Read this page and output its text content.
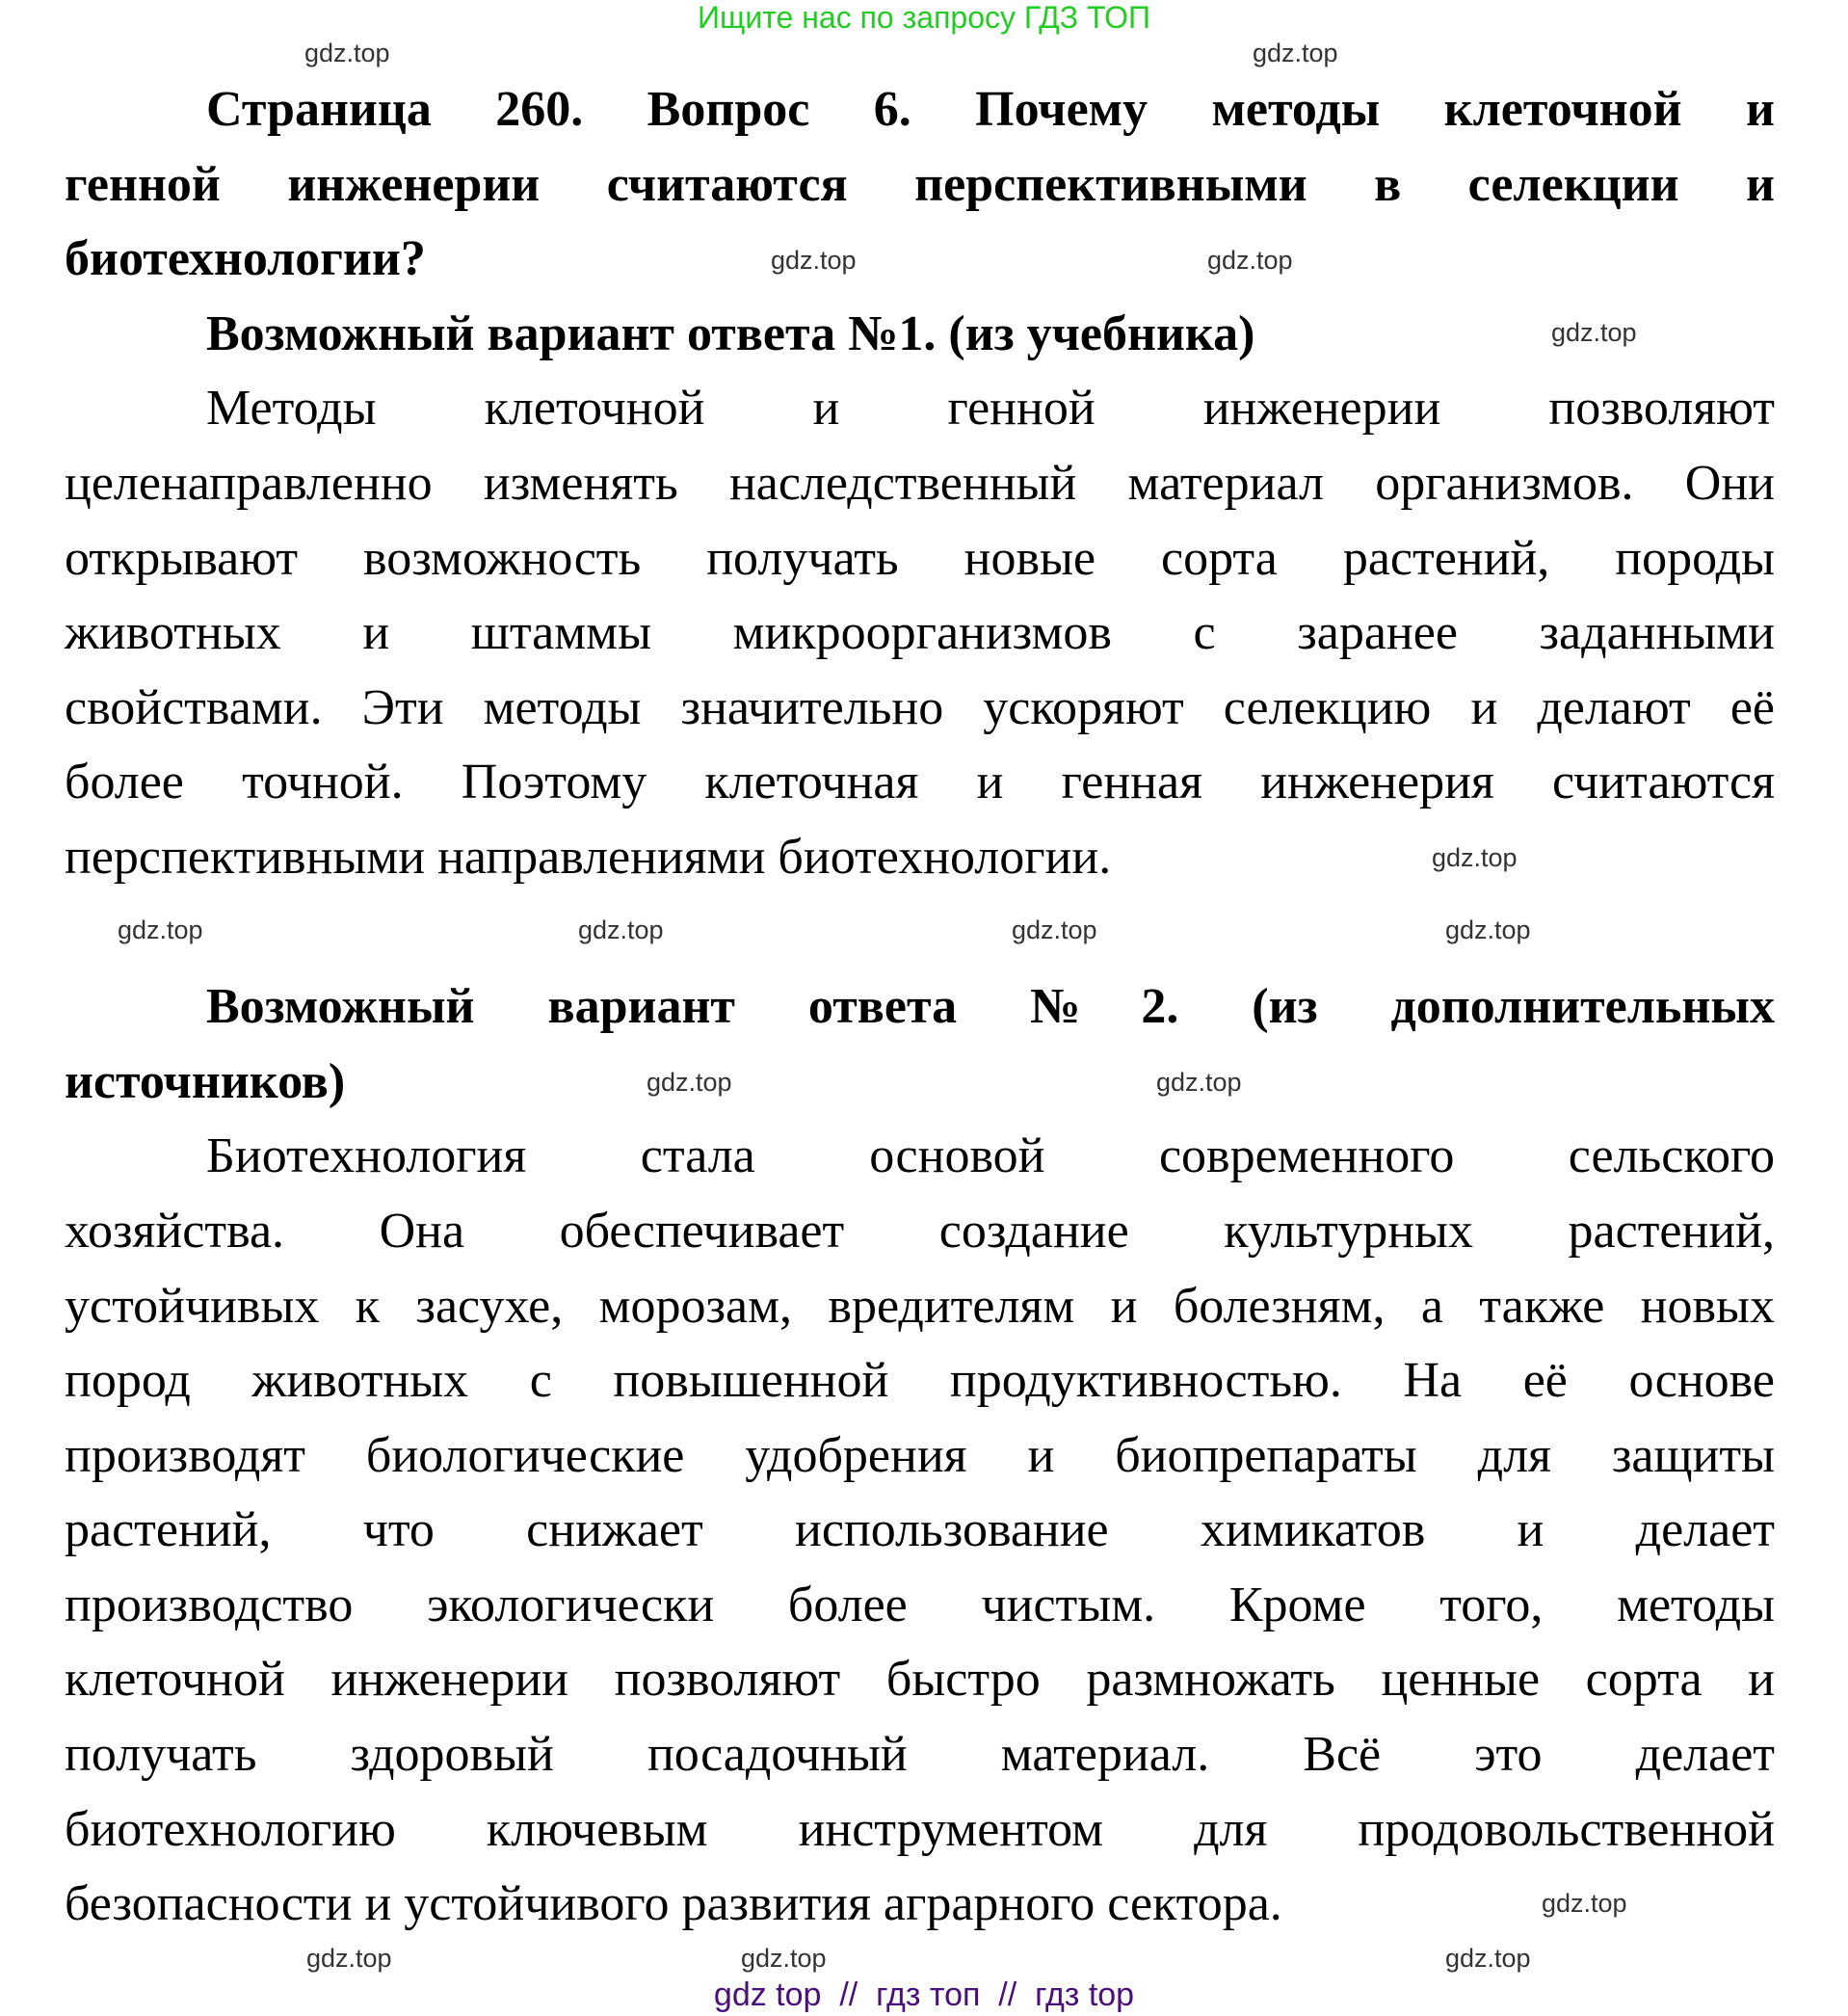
Ищите нас по запросу ГДЗ ТОП
Страница 260. Вопрос 6. Почему методы клеточной и
генной инженерии считаются перспективными в селекции и
биотехнологии?
Возможный вариант ответа №1. (из учебника)
Методы клеточной и генной инженерии позволяют
целенаправленно изменять наследственный материал организмов. Они
открывают возможность получать новые сорта растений, породы
животных и штаммы микроорганизмов с заранее заданными
свойствами. Эти методы значительно ускоряют селекцию и делают её
более точной. Поэтому клеточная и генная инженерия считаются
перспективными направлениями биотехнологии.
Возможный вариант ответа №2. (из дополнительных
источников)
Биотехнология стала основой современного сельского
хозяйства. Она обеспечивает создание культурных растений,
устойчивых к засухе, морозам, вредителям и болезням, а также новых
пород животных с повышенной продуктивностью. На её основе
производят биологические удобрения и биопрепараты для защиты
растений, что снижает использование химикатов и делает
производство экологически более чистым. Кроме того, методы
клеточной инженерии позволяют быстро размножать ценные сорта и
получать здоровый посадочный материал. Всё это делает
биотехнологию ключевым инструментом для продовольственной
безопасности и устойчивого развития аграрного сектора.
gdz.top	gdz.top
gdz.top	gdz.top
gdz.top
gdz.top
gdz.top	gdz.top	gdz.top	gdz.top
gdz.top	gdz.top
gdz.top
gdz.top	gdz.top	gdz.top
gdz top  //  гдз топ  //  гдз top
